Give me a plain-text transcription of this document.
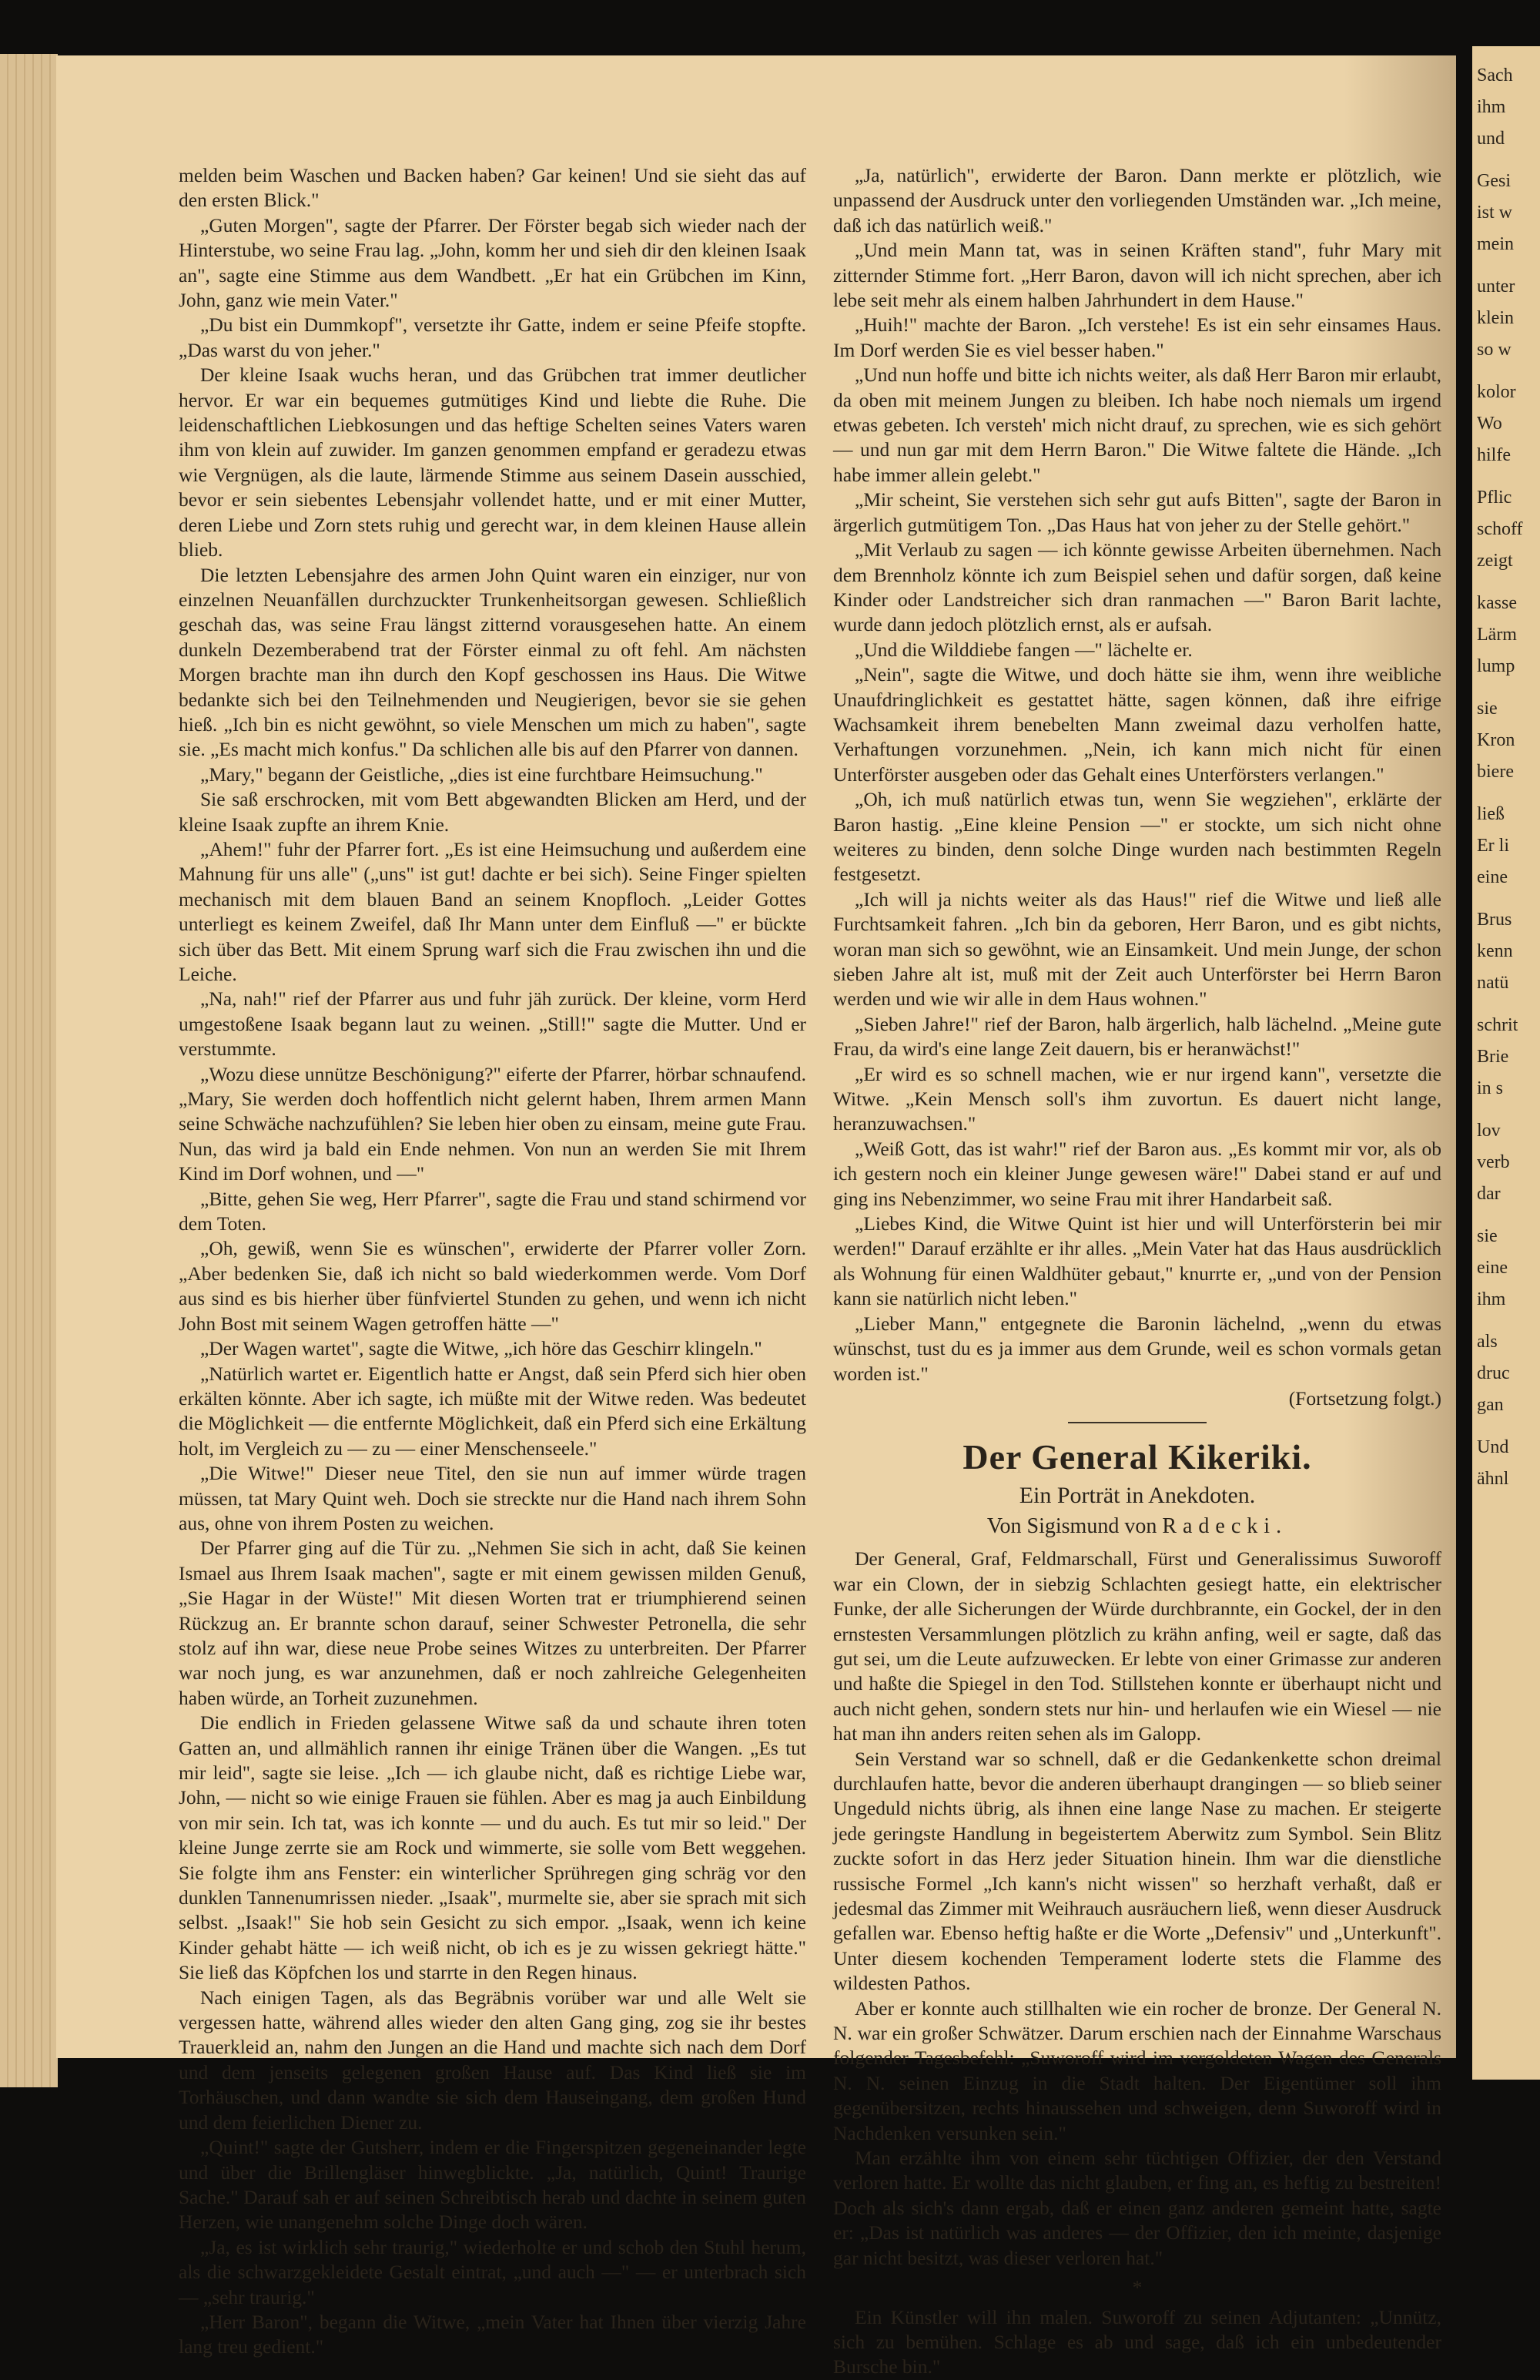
melden beim Waschen und Backen haben? Gar keinen! Und sie sieht das auf den ersten Blick."

„Guten Morgen", sagte der Pfarrer. Der Förster begab sich wieder nach der Hinterstube, wo seine Frau lag. „John, komm her und sieh dir den kleinen Isaak an", sagte eine Stimme aus dem Wandbett. „Er hat ein Grübchen im Kinn, John, ganz wie mein Vater."

„Du bist ein Dummkopf", versetzte ihr Gatte, indem er seine Pfeife stopfte. „Das warst du von jeher."

Der kleine Isaak wuchs heran, und das Grübchen trat immer deutlicher hervor. Er war ein bequemes gutmütiges Kind und liebte die Ruhe. Die leidenschaftlichen Liebkosungen und das heftige Schelten seines Vaters waren ihm von klein auf zuwider. Im ganzen genommen empfand er geradezu etwas wie Vergnügen, als die laute, lärmende Stimme aus seinem Dasein ausschied, bevor er sein siebentes Lebensjahr vollendet hatte, und er mit einer Mutter, deren Liebe und Zorn stets ruhig und gerecht war, in dem kleinen Hause allein blieb.

Die letzten Lebensjahre des armen John Quint waren ein einziger, nur von einzelnen Neuanfällen durchzuckter Trunkenheitsorgan gewesen. Schließlich geschah das, was seine Frau längst zitternd vorausgesehen hatte. An einem dunkeln Dezemberabend trat der Förster einmal zu oft fehl. Am nächsten Morgen brachte man ihn durch den Kopf geschossen ins Haus. Die Witwe bedankte sich bei den Teilnehmenden und Neugierigen, bevor sie sie gehen hieß. „Ich bin es nicht gewöhnt, so viele Menschen um mich zu haben", sagte sie. „Es macht mich konfus." Da schlichen alle bis auf den Pfarrer von dannen.

„Mary," begann der Geistliche, „dies ist eine furchtbare Heimsuchung."

Sie saß erschrocken, mit vom Bett abgewandten Blicken am Herd, und der kleine Isaak zupfte an ihrem Knie.

„Ahem!" fuhr der Pfarrer fort. „Es ist eine Heimsuchung und außerdem eine Mahnung für uns alle" („uns" ist gut! dachte er bei sich). Seine Finger spielten mechanisch mit dem blauen Band an seinem Knopfloch. „Leider Gottes unterliegt es keinem Zweifel, daß Ihr Mann unter dem Einfluß —" er bückte sich über das Bett. Mit einem Sprung warf sich die Frau zwischen ihn und die Leiche.

„Na, nah!" rief der Pfarrer aus und fuhr jäh zurück. Der kleine, vorm Herd umgestoßene Isaak begann laut zu weinen. „Still!" sagte die Mutter. Und er verstummte.

„Wozu diese unnütze Beschönigung?" eiferte der Pfarrer, hörbar schnaufend. „Mary, Sie werden doch hoffentlich nicht gelernt haben, Ihrem armen Mann seine Schwäche nachzufühlen? Sie leben hier oben zu einsam, meine gute Frau. Nun, das wird ja bald ein Ende nehmen. Von nun an werden Sie mit Ihrem Kind im Dorf wohnen, und —"

„Bitte, gehen Sie weg, Herr Pfarrer", sagte die Frau und stand schirmend vor dem Toten.

„Oh, gewiß, wenn Sie es wünschen", erwiderte der Pfarrer voller Zorn. „Aber bedenken Sie, daß ich nicht so bald wiederkommen werde. Vom Dorf aus sind es bis hierher über fünfviertel Stunden zu gehen, und wenn ich nicht John Bost mit seinem Wagen getroffen hätte —"

„Der Wagen wartet", sagte die Witwe, „ich höre das Geschirr klingeln."

„Natürlich wartet er. Eigentlich hatte er Angst, daß sein Pferd sich hier oben erkälten könnte. Aber ich sagte, ich müßte mit der Witwe reden. Was bedeutet die Möglichkeit — die entfernte Möglichkeit, daß ein Pferd sich eine Erkältung holt, im Vergleich zu — zu — einer Menschenseele."

„Die Witwe!" Dieser neue Titel, den sie nun auf immer würde tragen müssen, tat Mary Quint weh. Doch sie streckte nur die Hand nach ihrem Sohn aus, ohne von ihrem Posten zu weichen.

Der Pfarrer ging auf die Tür zu. „Nehmen Sie sich in acht, daß Sie keinen Ismael aus Ihrem Isaak machen", sagte er mit einem gewissen milden Genuß, „Sie Hagar in der Wüste!" Mit diesen Worten trat er triumphierend seinen Rückzug an. Er brannte schon darauf, seiner Schwester Petronella, die sehr stolz auf ihn war, diese neue Probe seines Witzes zu unterbreiten. Der Pfarrer war noch jung, es war anzunehmen, daß er noch zahlreiche Gelegenheiten haben würde, an Torheit zuzunehmen.

Die endlich in Frieden gelassene Witwe saß da und schaute ihren toten Gatten an, und allmählich rannen ihr einige Tränen über die Wangen. „Es tut mir leid", sagte sie leise. „Ich — ich glaube nicht, daß es richtige Liebe war, John, — nicht so wie einige Frauen sie fühlen. Aber es mag ja auch Einbildung von mir sein. Ich tat, was ich konnte — und du auch. Es tut mir so leid." Der kleine Junge zerrte sie am Rock und wimmerte, sie solle vom Bett weggehen. Sie folgte ihm ans Fenster: ein winterlicher Sprühregen ging schräg vor den dunklen Tannenumrissen nieder. „Isaak", murmelte sie, aber sie sprach mit sich selbst. „Isaak!" Sie hob sein Gesicht zu sich empor. „Isaak, wenn ich keine Kinder gehabt hätte — ich weiß nicht, ob ich es je zu wissen gekriegt hätte." Sie ließ das Köpfchen los und starrte in den Regen hinaus.

Nach einigen Tagen, als das Begräbnis vorüber war und alle Welt sie vergessen hatte, während alles wieder den alten Gang ging, zog sie ihr bestes Trauerkleid an, nahm den Jungen an die Hand und machte sich nach dem Dorf und dem jenseits gelegenen großen Hause auf. Das Kind ließ sie im Torhäuschen, und dann wandte sie sich dem Hauseingang, dem großen Hund und dem feierlichen Diener zu.

„Quint!" sagte der Gutsherr, indem er die Fingerspitzen gegeneinander legte und über die Brillengläser hinwegblickte. „Ja, natürlich, Quint! Traurige Sache." Darauf sah er auf seinen Schreibtisch herab und dachte in seinem guten Herzen, wie unangenehm solche Dinge doch wären.

„Ja, es ist wirklich sehr traurig," wiederholte er und schob den Stuhl herum, als die schwarzgekleidete Gestalt eintrat, „und auch —" — er unterbrach sich — „sehr traurig."

„Herr Baron", begann die Witwe, „mein Vater hat Ihnen über vierzig Jahre lang treu gedient."

„Ja, natürlich", erwiderte der Baron. Dann merkte er plötzlich, wie unpassend der Ausdruck unter den vorliegenden Umständen war. „Ich meine, daß ich das natürlich weiß."

„Und mein Mann tat, was in seinen Kräften stand", fuhr Mary mit zitternder Stimme fort. „Herr Baron, davon will ich nicht sprechen, aber ich lebe seit mehr als einem halben Jahrhundert in dem Hause."

„Huih!" machte der Baron. „Ich verstehe! Es ist ein sehr einsames Haus. Im Dorf werden Sie es viel besser haben."

„Und nun hoffe und bitte ich nichts weiter, als daß Herr Baron mir erlaubt, da oben mit meinem Jungen zu bleiben. Ich habe noch niemals um irgend etwas gebeten. Ich versteh' mich nicht drauf, zu sprechen, wie es sich gehört — und nun gar mit dem Herrn Baron." Die Witwe faltete die Hände. „Ich habe immer allein gelebt."

„Mir scheint, Sie verstehen sich sehr gut aufs Bitten", sagte der Baron in ärgerlich gutmütigem Ton. „Das Haus hat von jeher zu der Stelle gehört."

„Mit Verlaub zu sagen — ich könnte gewisse Arbeiten übernehmen. Nach dem Brennholz könnte ich zum Beispiel sehen und dafür sorgen, daß keine Kinder oder Landstreicher sich dran ranmachen —" Baron Barit lachte, wurde dann jedoch plötzlich ernst, als er aufsah.

„Und die Wilddiebe fangen —" lächelte er.

„Nein", sagte die Witwe, und doch hätte sie ihm, wenn ihre weibliche Unaufdringlichkeit es gestattet hätte, sagen können, daß ihre eifrige Wachsamkeit ihrem benebelten Mann zweimal dazu verholfen hatte, Verhaftungen vorzunehmen. „Nein, ich kann mich nicht für einen Unterförster ausgeben oder das Gehalt eines Unterförsters verlangen."

„Oh, ich muß natürlich etwas tun, wenn Sie wegziehen", erklärte der Baron hastig. „Eine kleine Pension —" er stockte, um sich nicht ohne weiteres zu binden, denn solche Dinge wurden nach bestimmten Regeln festgesetzt.

„Ich will ja nichts weiter als das Haus!" rief die Witwe und ließ alle Furchtsamkeit fahren. „Ich bin da geboren, Herr Baron, und es gibt nichts, woran man sich so gewöhnt, wie an Einsamkeit. Und mein Junge, der schon sieben Jahre alt ist, muß mit der Zeit auch Unterförster bei Herrn Baron werden und wie wir alle in dem Haus wohnen."

„Sieben Jahre!" rief der Baron, halb ärgerlich, halb lächelnd. „Meine gute Frau, da wird's eine lange Zeit dauern, bis er heranwächst!"

„Er wird es so schnell machen, wie er nur irgend kann", versetzte die Witwe. „Kein Mensch soll's ihm zuvortun. Es dauert nicht lange, heranzuwachsen."

„Weiß Gott, das ist wahr!" rief der Baron aus. „Es kommt mir vor, als ob ich gestern noch ein kleiner Junge gewesen wäre!" Dabei stand er auf und ging ins Nebenzimmer, wo seine Frau mit ihrer Handarbeit saß.

„Liebes Kind, die Witwe Quint ist hier und will Unterförsterin bei mir werden!" Darauf erzählte er ihr alles. „Mein Vater hat das Haus ausdrücklich als Wohnung für einen Waldhüter gebaut," knurrte er, „und von der Pension kann sie natürlich nicht leben."

„Lieber Mann," entgegnete die Baronin lächelnd, „wenn du etwas wünschst, tust du es ja immer aus dem Grunde, weil es schon vormals getan worden ist."

(Fortsetzung folgt.)

Der General Kikeriki.
Ein Porträt in Anekdoten.
Von Sigismund von Radecki.

Der General, Graf, Feldmarschall, Fürst und Generalissimus Suworoff war ein Clown, der in siebzig Schlachten gesiegt hatte, ein elektrischer Funke, der alle Sicherungen der Würde durchbrannte, ein Gockel, der in den ernstesten Versammlungen plötzlich zu krähn anfing, weil er sagte, daß das gut sei, um die Leute aufzuwecken. Er lebte von einer Grimasse zur anderen und haßte die Spiegel in den Tod. Stillstehen konnte er überhaupt nicht und auch nicht gehen, sondern stets nur hin- und herlaufen wie ein Wiesel — nie hat man ihn anders reiten sehen als im Galopp.

Sein Verstand war so schnell, daß er die Gedankenkette schon dreimal durchlaufen hatte, bevor die anderen überhaupt drangingen — so blieb seiner Ungeduld nichts übrig, als ihnen eine lange Nase zu machen. Er steigerte jede geringste Handlung in begeistertem Aberwitz zum Symbol. Sein Blitz zuckte sofort in das Herz jeder Situation hinein. Ihm war die dienstliche russische Formel „Ich kann's nicht wissen" so herzhaft verhaßt, daß er jedesmal das Zimmer mit Weihrauch ausräuchern ließ, wenn dieser Ausdruck gefallen war. Ebenso heftig haßte er die Worte „Defensiv" und „Unterkunft". Unter diesem kochenden Temperament loderte stets die Flamme des wildesten Pathos.

Aber er konnte auch stillhalten wie ein rocher de bronze. Der General N. N. war ein großer Schwätzer. Darum erschien nach der Einnahme Warschaus folgender Tagesbefehl: „Suworoff wird im vergoldeten Wagen des Generals N. N. seinen Einzug in die Stadt halten. Der Eigentümer soll ihm gegenübersitzen, rechts hinaussehen und schweigen, denn Suworoff wird in Nachdenken versunken sein."

Man erzählte ihm von einem sehr tüchtigen Offizier, der den Verstand verloren hatte. Er wollte das nicht glauben, er fing an, es heftig zu bestreiten! Doch als sich's dann ergab, daß er einen ganz anderen gemeint hatte, sagte er: „Das ist natürlich was anderes — der Offizier, den ich meinte, dasjenige gar nicht besitzt, was dieser verloren hat."

*

Ein Künstler will ihn malen. Suworoff zu seinen Adjutanten: „Unnütz, sich zu bemühen. Schlage es ab und sage, daß ich ein unbedeutender Bursche bin."

Sach
ihm
und
Gesi
ist w
mein
unter
klein
so w
kolor
Wo
hilfe
Pflic
schoff
zeigt
kasse
Lärm
lump
sie
Kron
biere
ließ
Er li
eine
Brus
kenn
natü
schrit
Brie
in s
lov
verb
dar
sie
eine
ihm
als
druc
gan
Und
ähnl
